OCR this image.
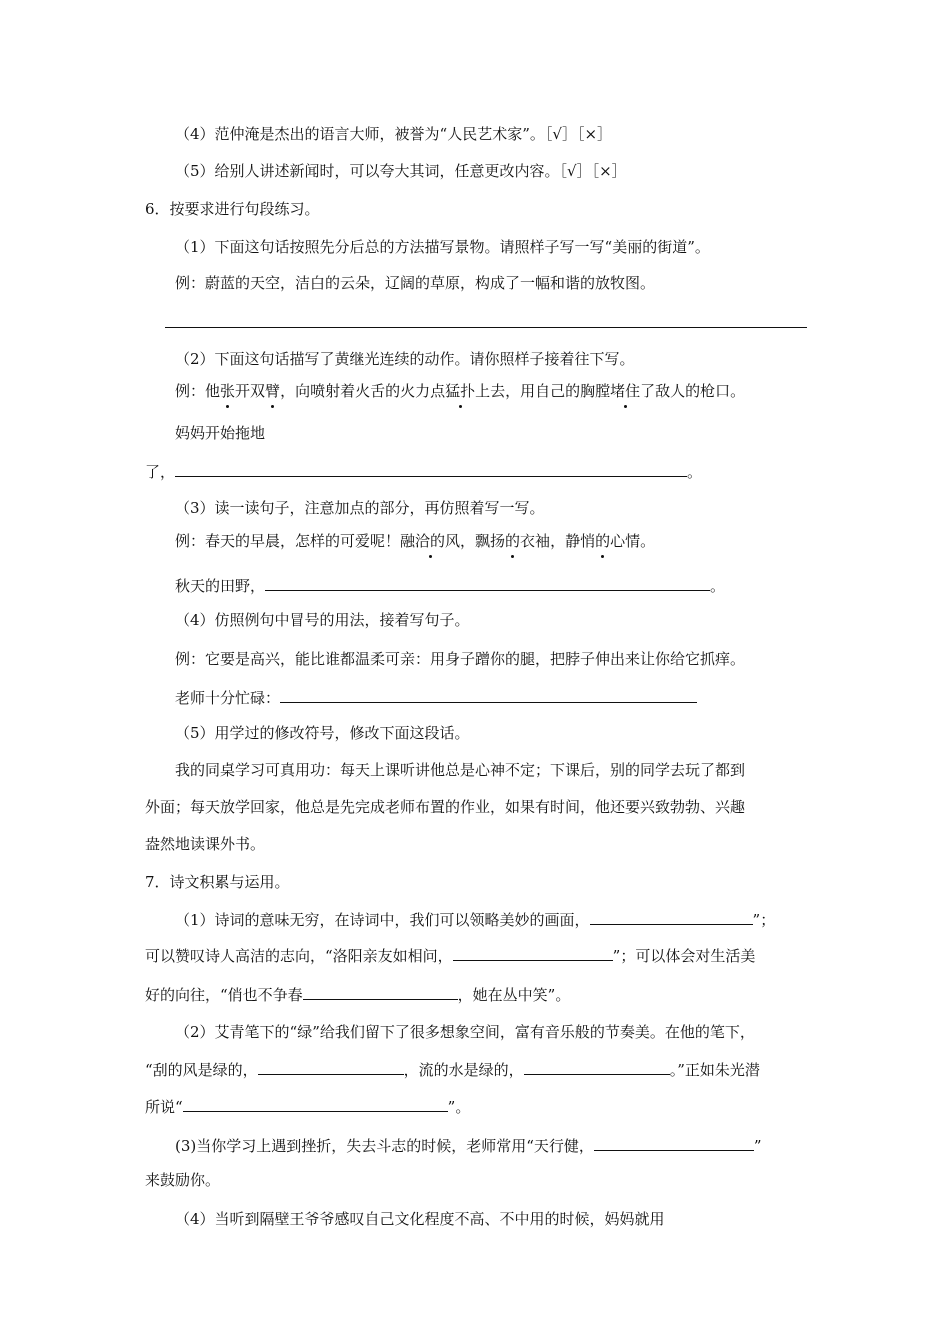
（4）范仲淹是杰出的语言大师，被誉为“人民艺术家”。［√］［×］
（5）给别人讲述新闻时，可以夸大其词，任意更改内容。［√］［×］
6．按要求进行句段练习。
（1）下面这句话按照先分后总的方法描写景物。请照样子写一写“美丽的街道”。
例：蔚蓝的天空，洁白的云朵，辽阔的草原，构成了一幅和谐的放牧图。
（2）下面这句话描写了黄继光连续的动作。请你照样子接着往下写。
例：他张开双臂，向喷射着火舌的火力点猛扑上去，用自己的胸膛堵住了敌人的枪口。
妈妈开始拖地
了，	。
（3）读一读句子，注意加点的部分，再仿照着写一写。
例：春天的早晨，怎样的可爱呢！融洽的风，飘扬的衣袖，静悄的心情。
秋天的田野，	。
（4）仿照例句中冒号的用法，接着写句子。
例：它要是高兴，能比谁都温柔可亲：用身子蹭你的腿，把脖子伸出来让你给它抓痒。
老师十分忙碌：
（5）用学过的修改符号，修改下面这段话。
我的同桌学习可真用功：每天上课听讲他总是心神不定；下课后，别的同学去玩了都到
外面；每天放学回家，他总是先完成老师布置的作业，如果有时间，他还要兴致勃勃、兴趣
盎然地读课外书。
7．诗文积累与运用。
（1）诗词的意味无穷，在诗词中，我们可以领略美妙的画面，	”；
可以赞叹诗人高洁的志向，“洛阳亲友如相问，	”；可以体会对生活美
好的向往，“俏也不争春	，她在丛中笑”。
（2）艾青笔下的“绿”给我们留下了很多想象空间，富有音乐般的节奏美。在他的笔下，
“刮的风是绿的，	，流的水是绿的，	。”正如朱光潜
所说“	”。
(3)当你学习上遇到挫折，失去斗志的时候，老师常用“天行健，	”
来鼓励你。
（4）当听到隔壁王爷爷感叹自己文化程度不高、不中用的时候，妈妈就用
